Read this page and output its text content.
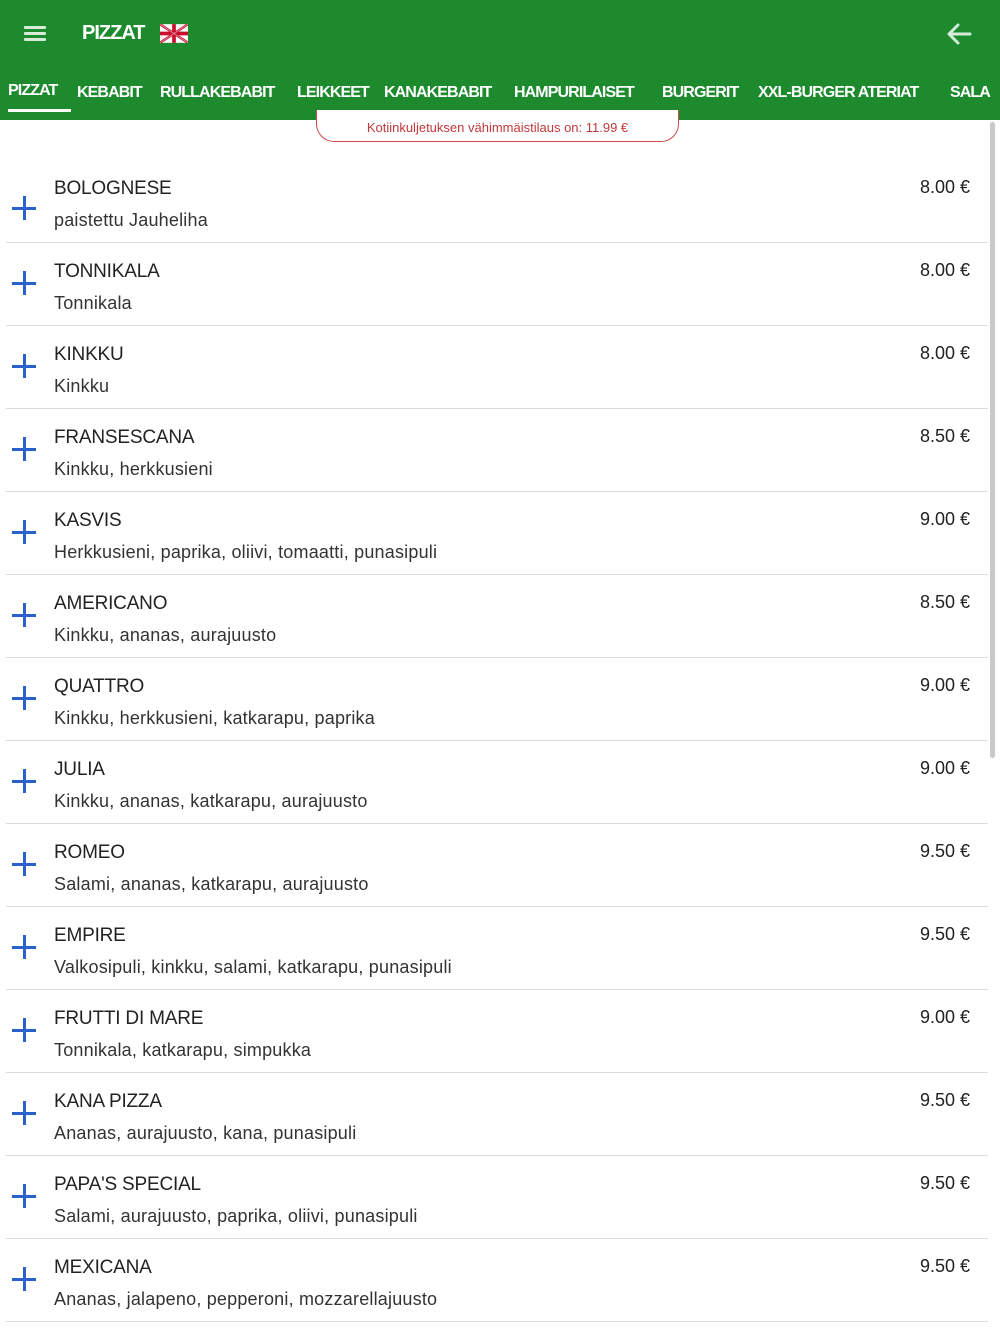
PIZZAT
PIZZAT KEBABIT RULLAKEBABIT LEIKKEET KANAKEBABIT HAMPURILAISET BURGERIT XXL-BURGER ATERIAT SALA
Kotiinkuljetuksen vähimmäistilaus on: 11.99 €
BOLOGNESE
paistettu Jauheliha
8.00 €
TONNIKALA
Tonnikala
8.00 €
KINKKU
Kinkku
8.00 €
FRANSESCANA
Kinkku, herkkusieni
8.50 €
KASVIS
Herkkusieni, paprika, oliivi, tomaatti, punasipuli
9.00 €
AMERICANO
Kinkku, ananas, aurajuusto
8.50 €
QUATTRO
Kinkku, herkkusieni, katkarapu, paprika
9.00 €
JULIA
Kinkku, ananas, katkarapu, aurajuusto
9.00 €
ROMEO
Salami, ananas, katkarapu, aurajuusto
9.50 €
EMPIRE
Valkosipuli, kinkku, salami, katkarapu, punasipuli
9.50 €
FRUTTI DI MARE
Tonnikala, katkarapu, simpukka
9.00 €
KANA PIZZA
Ananas, aurajuusto, kana, punasipuli
9.50 €
PAPA'S SPECIAL
Salami, aurajuusto, paprika, oliivi, punasipuli
9.50 €
MEXICANA
Ananas, jalapeno, pepperoni, mozzarellajuusto
9.50 €
